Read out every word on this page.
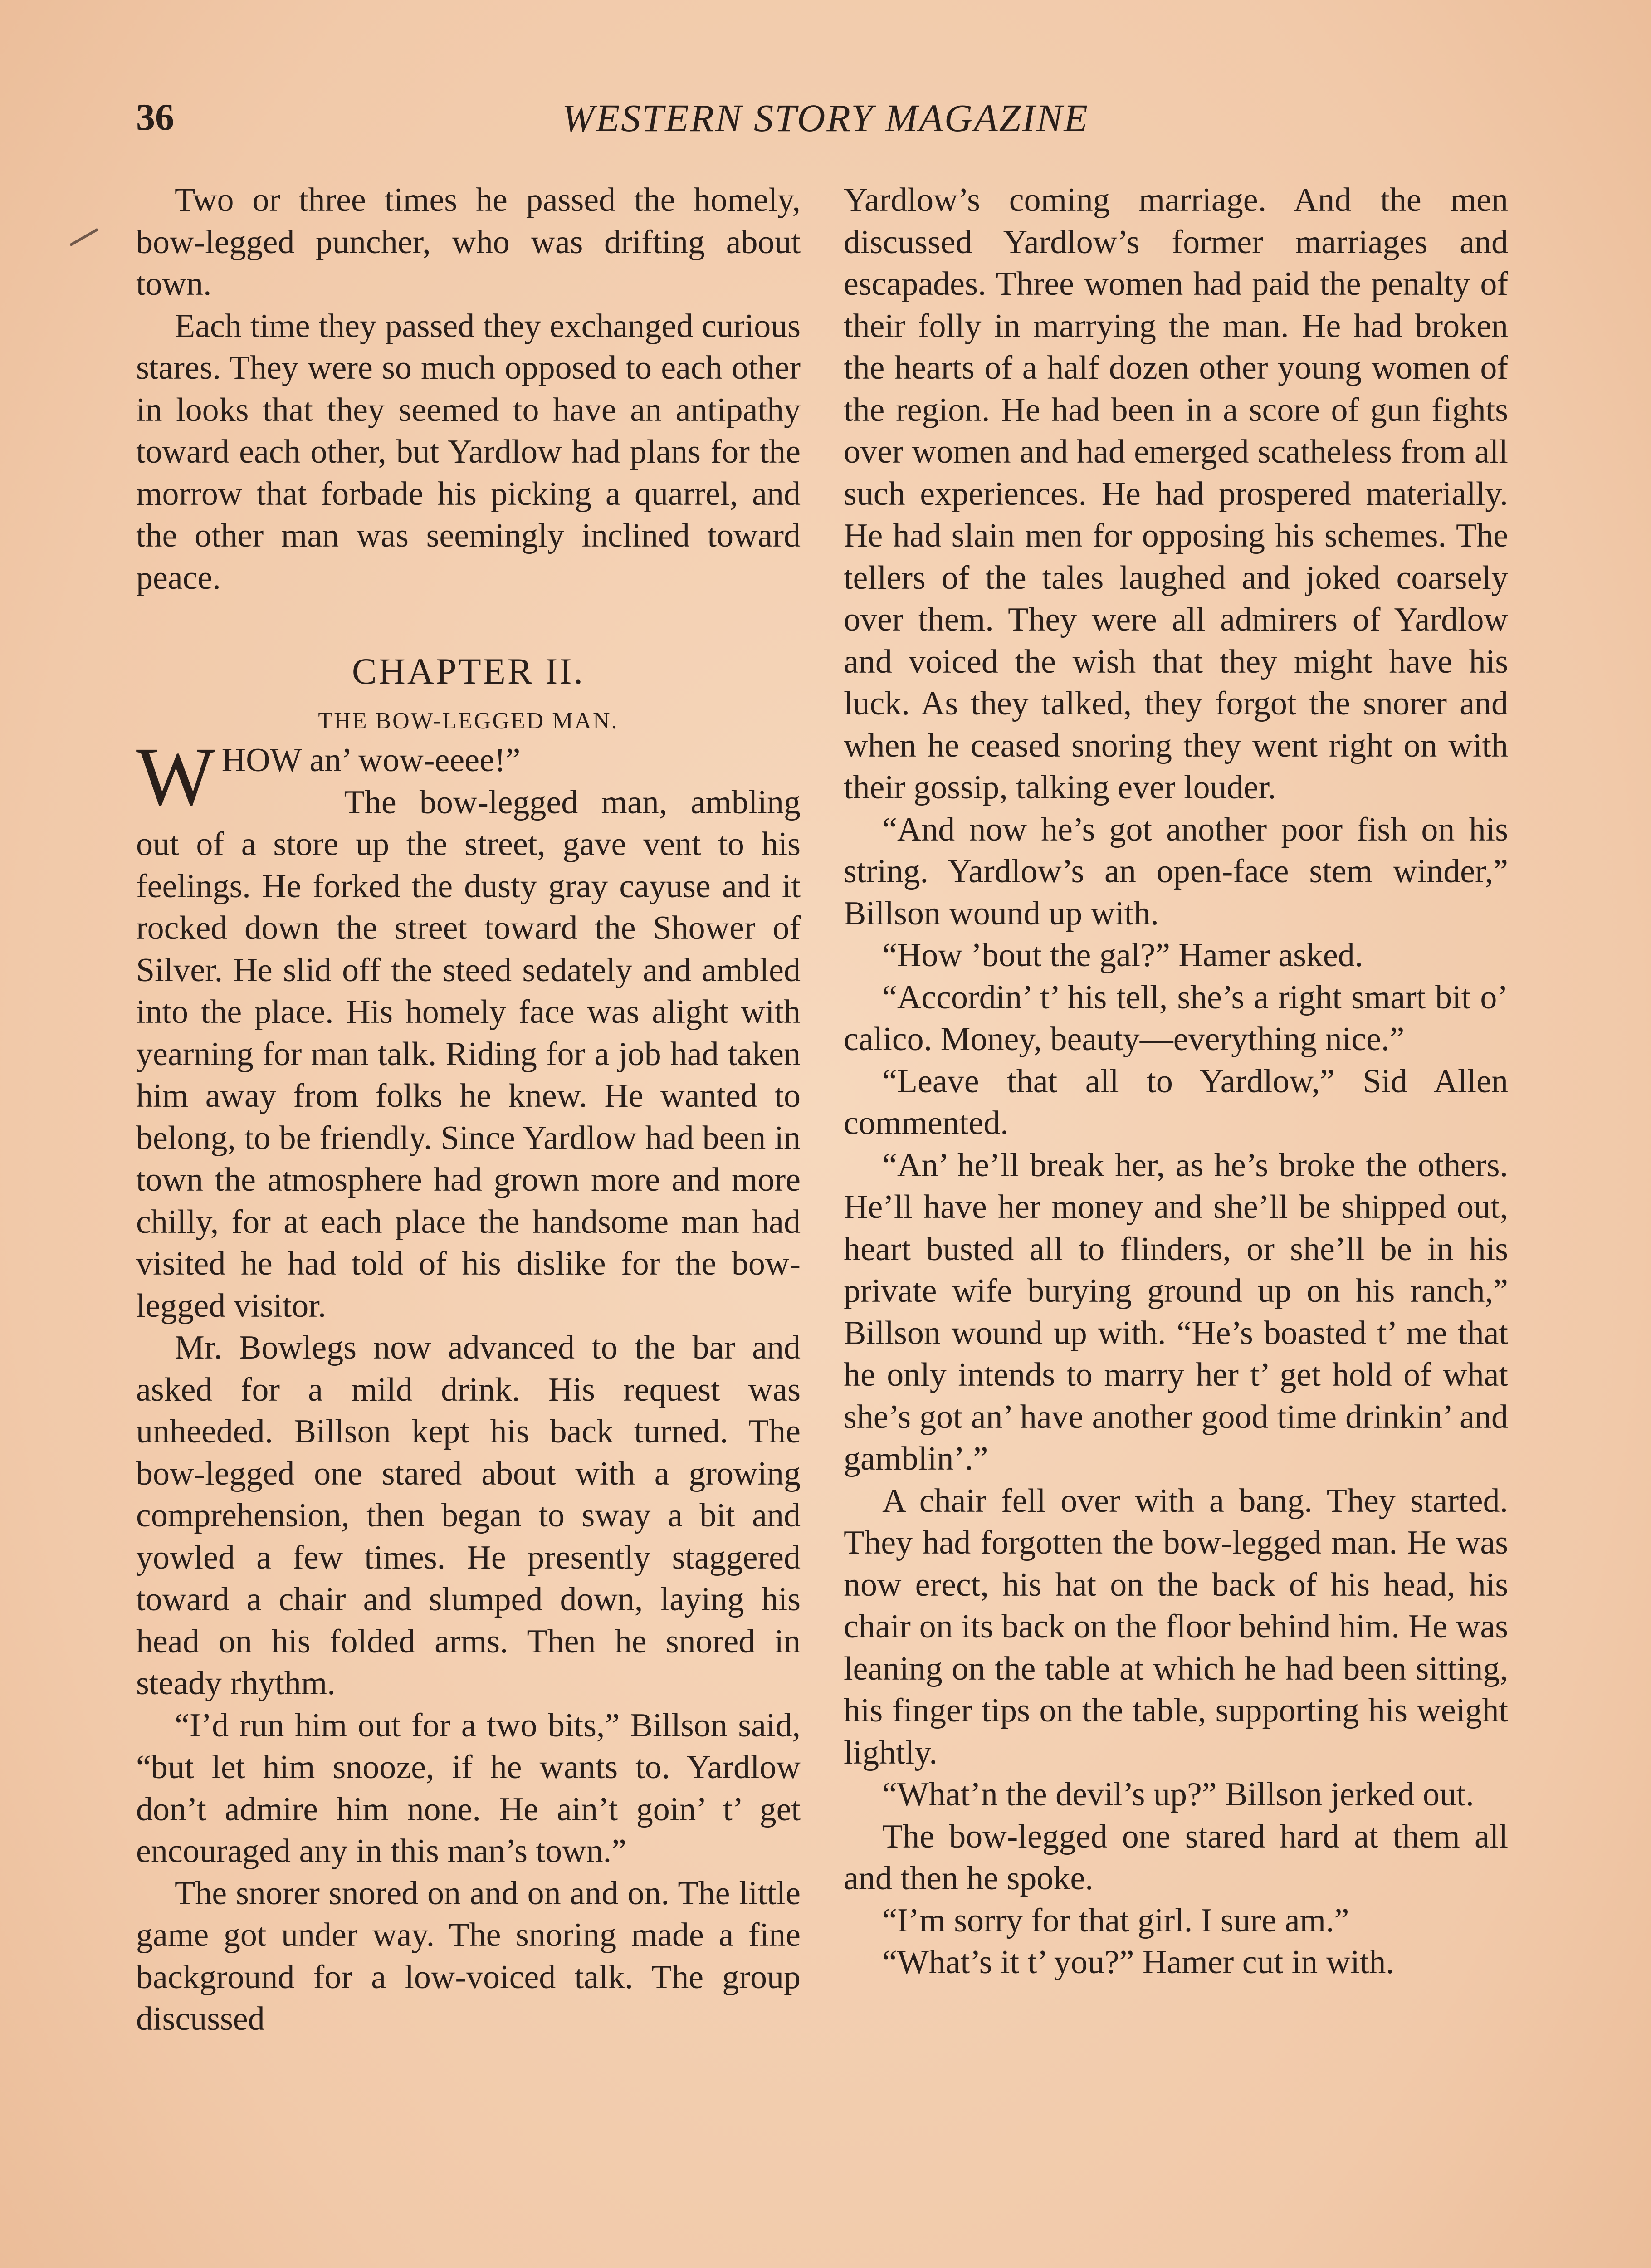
36	WESTERN STORY MAGAZINE

Two or three times he passed the homely, bow-legged puncher, who was drifting about town.

Each time they passed they exchanged curious stares. They were so much opposed to each other in looks that they seemed to have an antipathy toward each other, but Yardlow had plans for the morrow that forbade his picking a quarrel, and the other man was seemingly inclined toward peace.

CHAPTER II.
THE BOW-LEGGED MAN.

WHOW an’ wow-eeee!”
The bow-legged man, ambling out of a store up the street, gave vent to his feelings. He forked the dusty gray cayuse and it rocked down the street toward the Shower of Silver. He slid off the steed sedately and ambled into the place. His homely face was alight with yearning for man talk. Riding for a job had taken him away from folks he knew. He wanted to belong, to be friendly. Since Yardlow had been in town the atmosphere had grown more and more chilly, for at each place the handsome man had visited he had told of his dislike for the bow-legged visitor.

Mr. Bowlegs now advanced to the bar and asked for a mild drink. His request was unheeded. Billson kept his back turned. The bow-legged one stared about with a growing comprehension, then began to sway a bit and yowled a few times. He presently staggered toward a chair and slumped down, laying his head on his folded arms. Then he snored in steady rhythm.

“I’d run him out for a two bits,” Billson said, “but let him snooze, if he wants to. Yardlow don’t admire him none. He ain’t goin’ t’ get encouraged any in this man’s town.”

The snorer snored on and on and on. The little game got under way. The snoring made a fine background for a low-voiced talk. The group discussed

Yardlow’s coming marriage. And the men discussed Yardlow’s former marriages and escapades. Three women had paid the penalty of their folly in marrying the man. He had broken the hearts of a half dozen other young women of the region. He had been in a score of gun fights over women and had emerged scatheless from all such experiences. He had prospered materially. He had slain men for opposing his schemes. The tellers of the tales laughed and joked coarsely over them. They were all admirers of Yardlow and voiced the wish that they might have his luck. As they talked, they forgot the snorer and when he ceased snoring they went right on with their gossip, talking ever louder.

“And now he’s got another poor fish on his string. Yardlow’s an open-face stem winder,” Billson wound up with.

“How ’bout the gal?” Hamer asked.

“Accordin’ t’ his tell, she’s a right smart bit o’ calico. Money, beauty—everything nice.”

“Leave that all to Yardlow,” Sid Allen commented.

“An’ he’ll break her, as he’s broke the others. He’ll have her money and she’ll be shipped out, heart busted all to flinders, or she’ll be in his private wife burying ground up on his ranch,” Billson wound up with. “He’s boasted t’ me that he only intends to marry her t’ get hold of what she’s got an’ have another good time drinkin’ and gamblin’.”

A chair fell over with a bang. They started. They had forgotten the bow-legged man. He was now erect, his hat on the back of his head, his chair on its back on the floor behind him. He was leaning on the table at which he had been sitting, his finger tips on the table, supporting his weight lightly.

“What’n the devil’s up?” Billson jerked out.

The bow-legged one stared hard at them all and then he spoke.

“I’m sorry for that girl. I sure am.”

“What’s it t’ you?” Hamer cut in with.
